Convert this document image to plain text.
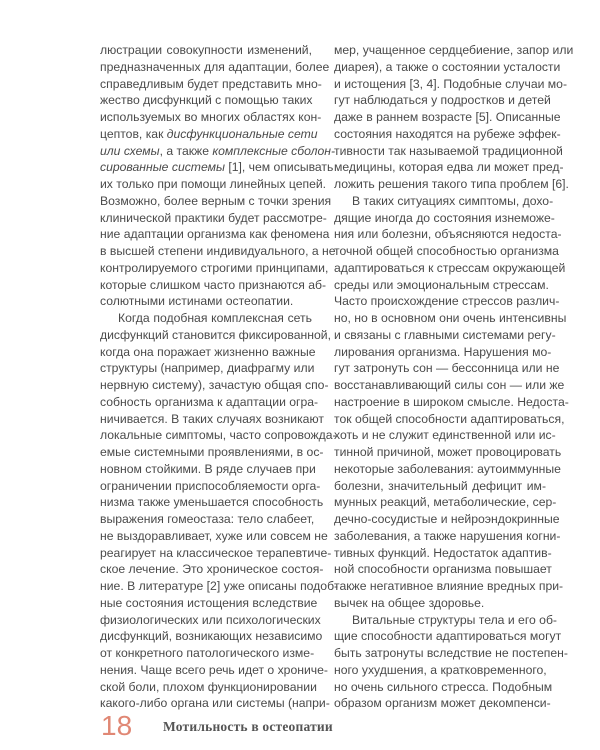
люстрации совокупности изменений,
предназначенных для адаптации, более
справедливым будет представить мно-
жество дисфункций с помощью таких
используемых во многих областях кон-
цептов, как дисфункциональные сети
или схемы, а также комплексные сболон-
сированные системы [1], чем описывать
их только при помощи линейных цепей.
Возможно, более верным с точки зрения
клинической практики будет рассмотре-
ние адаптации организма как феномена
в высшей степени индивидуального, а не
контролируемого строгими принципами,
которые слишком часто признаются аб-
солютными истинами остеопатии.
Когда подобная комплексная сеть
дисфункций становится фиксированной,
когда она поражает жизненно важные
структуры (например, диафрагму или
нервную систему), зачастую общая спо-
собность организма к адаптации огра-
ничивается. В таких случаях возникают
локальные симптомы, часто сопровожда-
емые системными проявлениями, в ос-
новном стойкими. В ряде случаев при
ограничении приспособляемости орга-
низма также уменьшается способность
выражения гомеостаза: тело слабеет,
не выздоравливает, хуже или совсем не
реагирует на классическое терапевтиче-
ское лечение. Это хроническое состоя-
ние. В литературе [2] уже описаны подоб-
ные состояния истощения вследствие
физиологических или психологических
дисфункций, возникающих независимо
от конкретного патологического изме-
нения. Чаще всего речь идет о хрониче-
ской боли, плохом функционировании
какого-либо органа или системы (напри-
мер, учащенное сердцебиение, запор или
диарея), а также о состоянии усталости
и истощения [3, 4]. Подобные случаи мо-
гут наблюдаться у подростков и детей
даже в раннем возрасте [5]. Описанные
состояния находятся на рубеже эффек-
тивности так называемой традиционной
медицины, которая едва ли может пред-
ложить решения такого типа проблем [6].
В таких ситуациях симптомы, дохо-
дящие иногда до состояния изнеможе-
ния или болезни, объясняются недоста-
точной общей способностью организма
адаптироваться к стрессам окружающей
среды или эмоциональным стрессам.
Часто происхождение стрессов различ-
но, но в основном они очень интенсивны
и связаны с главными системами регу-
лирования организма. Нарушения мо-
гут затронуть сон — бессонница или не
восстанавливающий силы сон — или же
настроение в широком смысле. Недоста-
ток общей способности адаптироваться,
хоть и не служит единственной или ис-
тинной причиной, может провоцировать
некоторые заболевания: аутоиммунные
болезни, значительный дефицит им-
мунных реакций, метаболические, сер-
дечно-сосудистые и нейроэндокринные
заболевания, а также нарушения когни-
тивных функций. Недостаток адаптив-
ной способности организма повышает
также негативное влияние вредных при-
вычек на общее здоровье.
Витальные структуры тела и его об-
щие способности адаптироваться могут
быть затронуты вследствие не постепен-
ного ухудшения, а кратковременного,
но очень сильного стресса. Подобным
образом организм может декомпенси-
18 Мотильность в остеопатии
